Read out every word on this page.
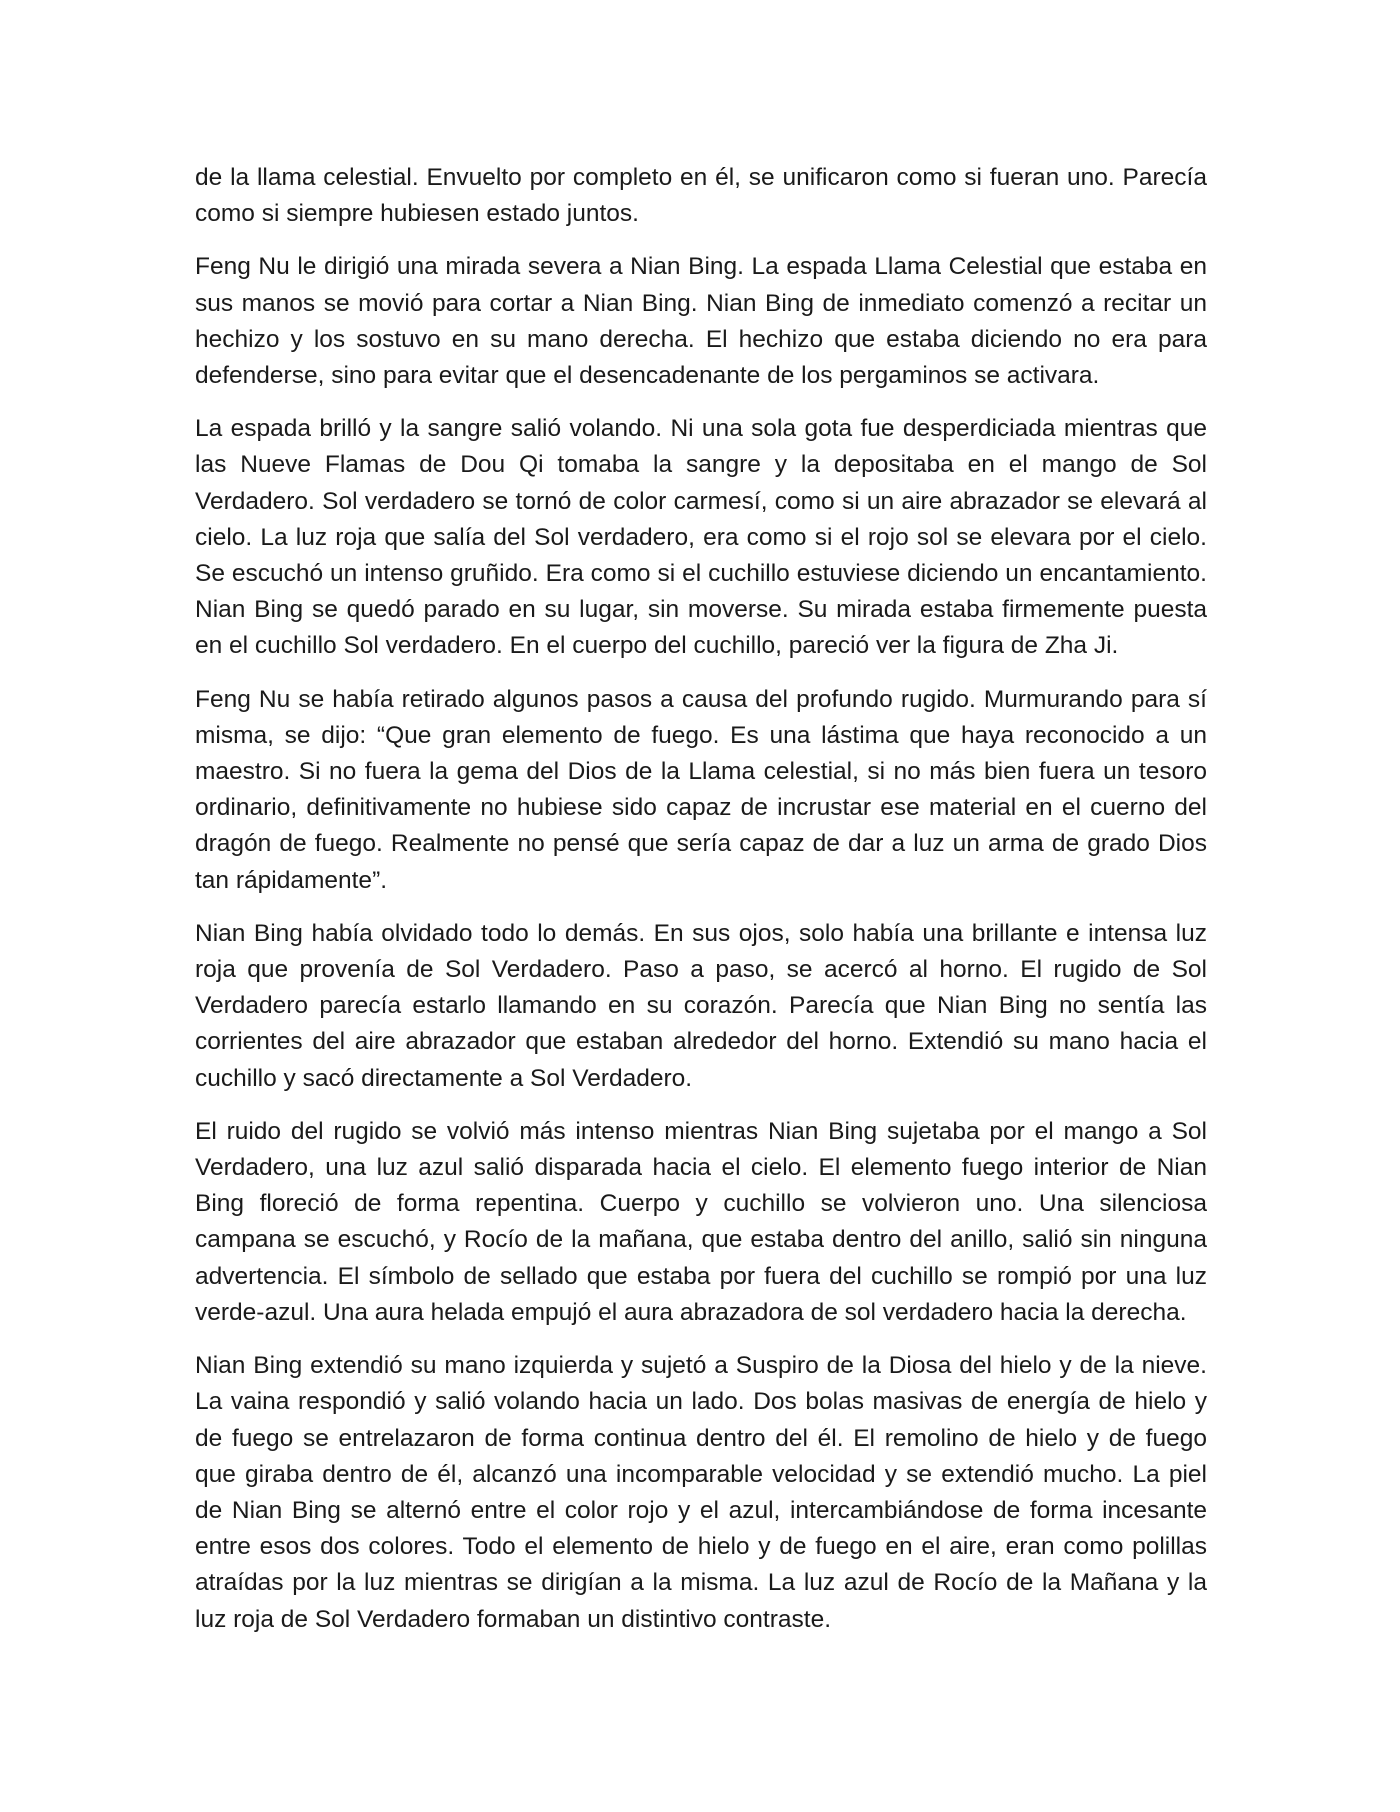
de la llama celestial. Envuelto por completo en él, se unificaron como si fueran uno. Parecía como si siempre hubiesen estado juntos.

Feng Nu le dirigió una mirada severa a Nian Bing. La espada Llama Celestial que estaba en sus manos se movió para cortar a Nian Bing. Nian Bing de inmediato comenzó a recitar un hechizo y los sostuvo en su mano derecha. El hechizo que estaba diciendo no era para defenderse, sino para evitar que el desencadenante de los pergaminos se activara.

La espada brilló y la sangre salió volando. Ni una sola gota fue desperdiciada mientras que las Nueve Flamas de Dou Qi tomaba la sangre y la depositaba en el mango de Sol Verdadero. Sol verdadero se tornó de color carmesí, como si un aire abrazador se elevará al cielo. La luz roja que salía del Sol verdadero, era como si el rojo sol se elevara por el cielo. Se escuchó un intenso gruñido. Era como si el cuchillo estuviese diciendo un encantamiento. Nian Bing se quedó parado en su lugar, sin moverse. Su mirada estaba firmemente puesta en el cuchillo Sol verdadero. En el cuerpo del cuchillo, pareció ver la figura de Zha Ji.

Feng Nu se había retirado algunos pasos a causa del profundo rugido. Murmurando para sí misma, se dijo: “Que gran elemento de fuego. Es una lástima que haya reconocido a un maestro. Si no fuera la gema del Dios de la Llama celestial, si no más bien fuera un tesoro ordinario, definitivamente no hubiese sido capaz de incrustar ese material en el cuerno del dragón de fuego. Realmente no pensé que sería capaz de dar a luz un arma de grado Dios tan rápidamente”.

Nian Bing había olvidado todo lo demás. En sus ojos, solo había una brillante e intensa luz roja que provenía de Sol Verdadero. Paso a paso, se acercó al horno. El rugido de Sol Verdadero parecía estarlo llamando en su corazón. Parecía que Nian Bing no sentía las corrientes del aire abrazador que estaban alrededor del horno. Extendió su mano hacia el cuchillo y sacó directamente a Sol Verdadero.

El ruido del rugido se volvió más intenso mientras Nian Bing sujetaba por el mango a Sol Verdadero, una luz azul salió disparada hacia el cielo. El elemento fuego interior de Nian Bing floreció de forma repentina. Cuerpo y cuchillo se volvieron uno. Una silenciosa campana se escuchó, y Rocío de la mañana, que estaba dentro del anillo, salió sin ninguna advertencia. El símbolo de sellado que estaba por fuera del cuchillo se rompió por una luz verde-azul. Una aura helada empujó el aura abrazadora de sol verdadero hacia la derecha.

Nian Bing extendió su mano izquierda y sujetó a Suspiro de la Diosa del hielo y de la nieve. La vaina respondió y salió volando hacia un lado. Dos bolas masivas de energía de hielo y de fuego se entrelazaron de forma continua dentro del él. El remolino de hielo y de fuego que giraba dentro de él, alcanzó una incomparable velocidad y se extendió mucho. La piel de Nian Bing se alternó entre el color rojo y el azul, intercambiándose de forma incesante entre esos dos colores. Todo el elemento de hielo y de fuego en el aire, eran como polillas atraídas por la luz mientras se dirigían a la misma. La luz azul de Rocío de la Mañana y la luz roja de Sol Verdadero formaban un distintivo contraste.
